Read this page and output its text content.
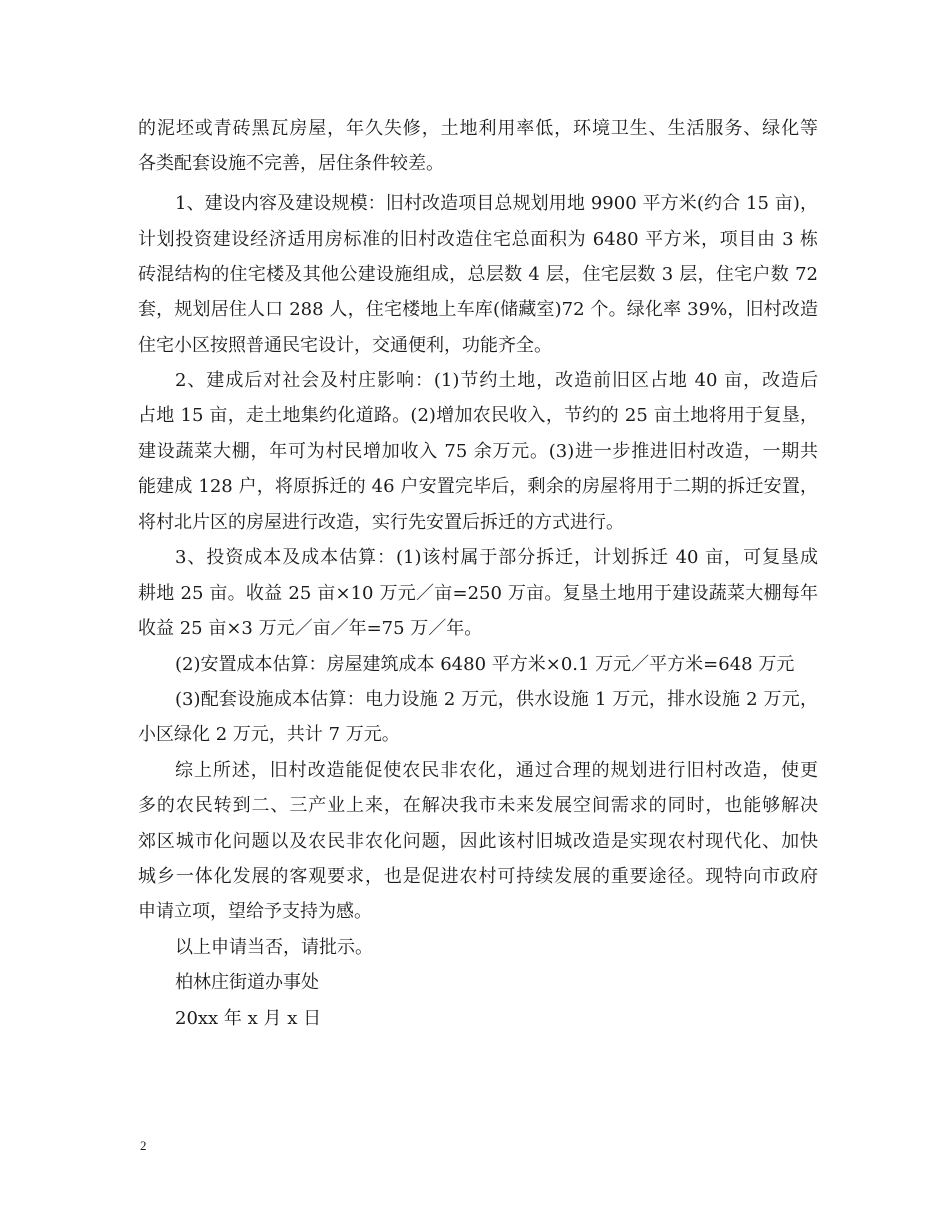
的泥坯或青砖黑瓦房屋，年久失修，土地利用率低，环境卫生、生活服务、绿化等

各类配套设施不完善，居住条件较差。

1、建设内容及建设规模：旧村改造项目总规划用地 9900 平方米(约合 15 亩)，

计划投资建设经济适用房标准的旧村改造住宅总面积为 6480 平方米，项目由 3 栋

砖混结构的住宅楼及其他公建设施组成，总层数 4 层，住宅层数 3 层，住宅户数 72

套，规划居住人口 288 人，住宅楼地上车库(储藏室)72 个。绿化率 39%，旧村改造

住宅小区按照普通民宅设计，交通便利，功能齐全。

2、建成后对社会及村庄影响：(1)节约土地，改造前旧区占地 40 亩，改造后

占地 15 亩，走土地集约化道路。(2)增加农民收入，节约的 25 亩土地将用于复垦，

建设蔬菜大棚，年可为村民增加收入 75 余万元。(3)进一步推进旧村改造，一期共

能建成 128 户，将原拆迁的 46 户安置完毕后，剩余的房屋将用于二期的拆迁安置，

将村北片区的房屋进行改造，实行先安置后拆迁的方式进行。

3、投资成本及成本估算：(1)该村属于部分拆迁，计划拆迁 40 亩，可复垦成

耕地 25 亩。收益 25 亩×10 万元／亩=250 万亩。复垦土地用于建设蔬菜大棚每年

收益 25 亩×3 万元／亩／年=75 万／年。

(2)安置成本估算：房屋建筑成本 6480 平方米×0.1 万元／平方米=648 万元

(3)配套设施成本估算：电力设施 2 万元，供水设施 1 万元，排水设施 2 万元，

小区绿化 2 万元，共计 7 万元。

综上所述，旧村改造能促使农民非农化，通过合理的规划进行旧村改造，使更

多的农民转到二、三产业上来，在解决我市未来发展空间需求的同时，也能够解决

郊区城市化问题以及农民非农化问题，因此该村旧城改造是实现农村现代化、加快

城乡一体化发展的客观要求，也是促进农村可持续发展的重要途径。现特向市政府

申请立项，望给予支持为感。

以上申请当否，请批示。

柏林庄街道办事处

20xx 年 x 月 x 日

2
